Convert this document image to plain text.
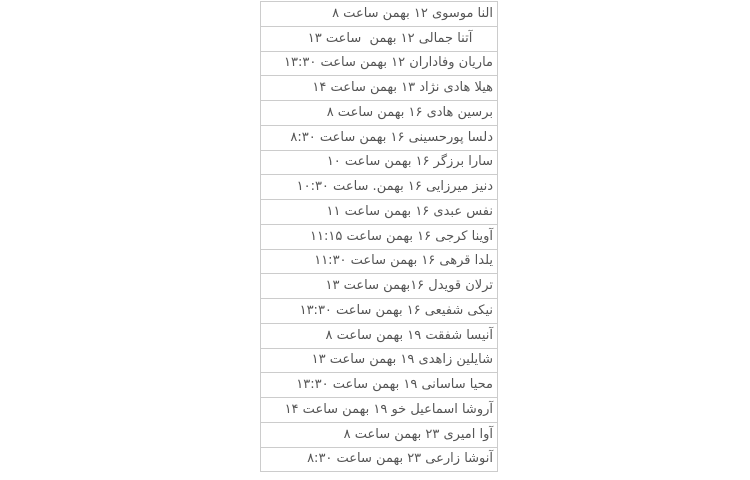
النا موسوی ۱۲ بهمن ساعت ۸
آتنا جمالی ۱۲ بهمن  ساعت ۱۳
ماریان وفاداران ۱۲ بهمن ساعت ۱۳:۳۰
هیلا هادی نژاد ۱۳ بهمن ساعت ۱۴
برسین هادی ۱۶ بهمن ساعت ۸
دلسا پورحسینی ۱۶ بهمن ساعت ۸:۳۰
سارا برزگر ۱۶ بهمن ساعت ۱۰
دنیز میرزایی ۱۶ بهمن. ساعت ۱۰:۳۰
نفس عبدی ۱۶ بهمن ساعت ۱۱
آوینا کرجی ۱۶ بهمن ساعت ۱۱:۱۵
یلدا قرهی ۱۶ بهمن ساعت ۱۱:۳۰
ترلان قویدل ۱۶بهمن ساعت ۱۳
نیکی شفیعی ۱۶ بهمن ساعت ۱۳:۳۰
آنیسا شفقت ۱۹ بهمن ساعت ۸
شایلین زاهدی ۱۹ بهمن ساعت ۱۳
محیا ساسانی ۱۹ بهمن ساعت ۱۳:۳۰
آروشا اسماعیل خو ۱۹ بهمن ساعت ۱۴
آوا امیری ۲۳ بهمن ساعت ۸
آنوشا زارعی ۲۳ بهمن ساعت ۸:۳۰
